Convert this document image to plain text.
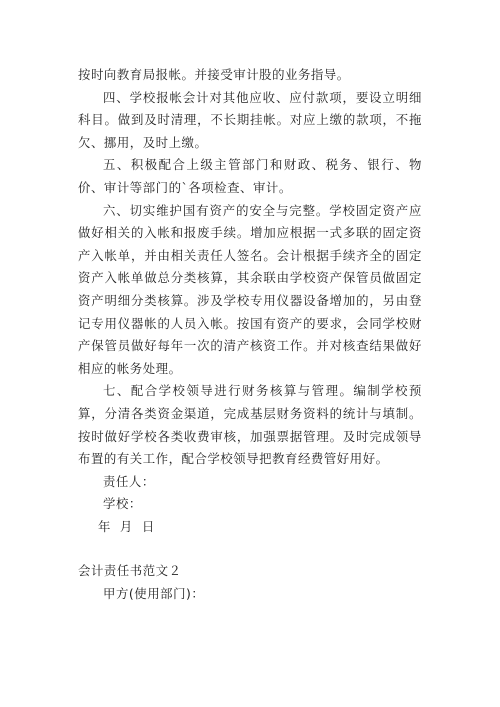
按时向教育局报帐。并接受审计股的业务指导。

四、学校报帐会计对其他应收、应付款项，要设立明细科目。做到及时清理，不长期挂帐。对应上缴的款项，不拖欠、挪用，及时上缴。

五、积极配合上级主管部门和财政、税务、银行、物价、审计等部门的`各项检查、审计。

六、切实维护国有资产的安全与完整。学校固定资产应做好相关的入帐和报废手续。增加应根据一式多联的固定资产入帐单，并由相关责任人签名。会计根据手续齐全的固定资产入帐单做总分类核算，其余联由学校资产保管员做固定资产明细分类核算。涉及学校专用仪器设备增加的，另由登记专用仪器帐的人员入帐。按国有资产的要求，会同学校财产保管员做好每年一次的清产核资工作。并对核查结果做好相应的帐务处理。

七、配合学校领导进行财务核算与管理。编制学校预算，分清各类资金渠道，完成基层财务资料的统计与填制。按时做好学校各类收费审核，加强票据管理。及时完成领导布置的有关工作，配合学校领导把教育经费管好用好。

责任人：

学校：

年  月  日

会计责任书范文２

甲方(使用部门)：
